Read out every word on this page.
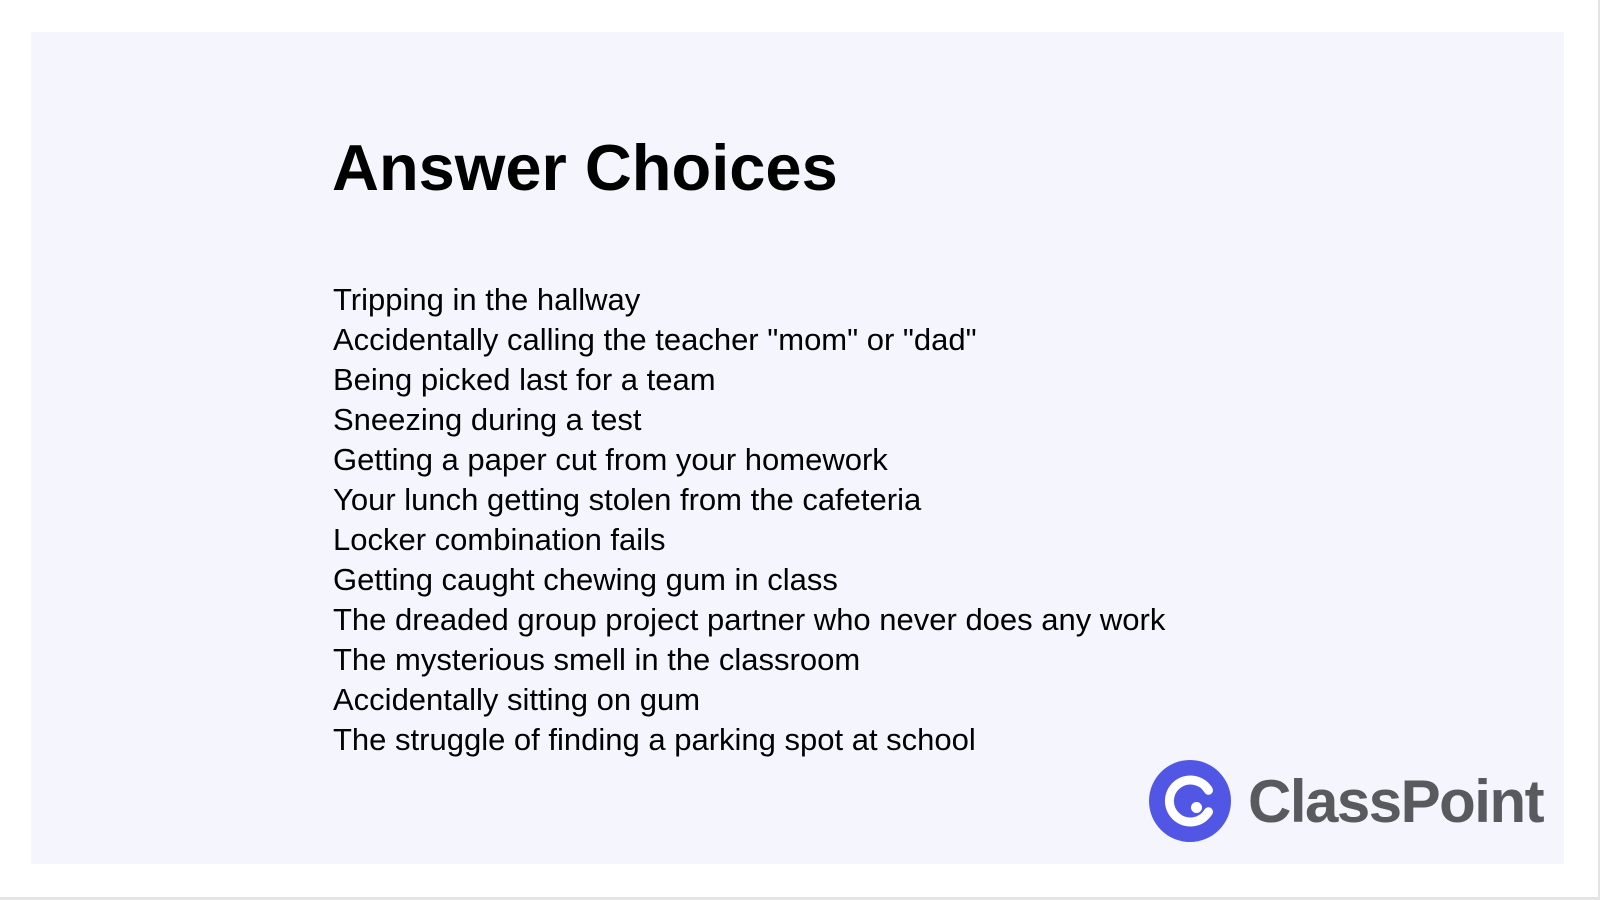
Answer Choices
Tripping in the hallway
Accidentally calling the teacher "mom" or "dad"
Being picked last for a team
Sneezing during a test
Getting a paper cut from your homework
Your lunch getting stolen from the cafeteria
Locker combination fails
Getting caught chewing gum in class
The dreaded group project partner who never does any work
The mysterious smell in the classroom
Accidentally sitting on gum
The struggle of finding a parking spot at school
ClassPoint
